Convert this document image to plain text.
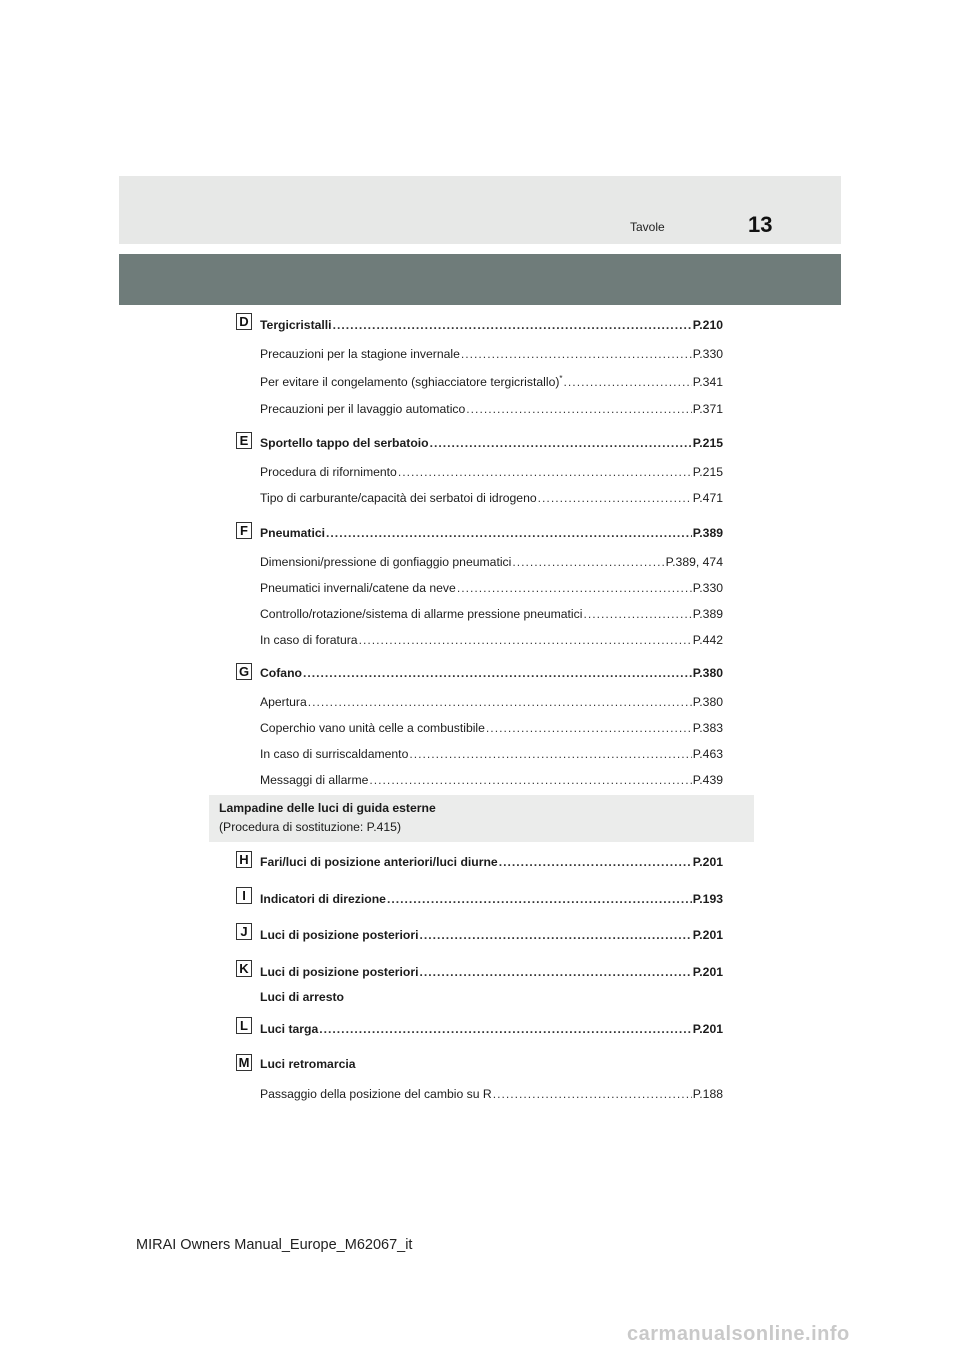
Tavole	13
D Tergicristalli .....	P.210
Precauzioni per la stagione invernale .....	P.330
Per evitare il congelamento (sghiacciatore tergicristallo)* .....	P.341
Precauzioni per il lavaggio automatico .....	P.371
E Sportello tappo del serbatoio .....	P.215
Procedura di rifornimento .....	P.215
Tipo di carburante/capacità dei serbatoi di idrogeno .....	P.471
F Pneumatici .....	P.389
Dimensioni/pressione di gonfiaggio pneumatici .....	P.389, 474
Pneumatici invernali/catene da neve .....	P.330
Controllo/rotazione/sistema di allarme pressione pneumatici .....	P.389
In caso di foratura .....	P.442
G Cofano .....	P.380
Apertura .....	P.380
Coperchio vano unità celle a combustibile .....	P.383
In caso di surriscaldamento .....	P.463
Messaggi di allarme .....	P.439
Lampadine delle luci di guida esterne
(Procedura di sostituzione: P.415)
H Fari/luci di posizione anteriori/luci diurne .....	P.201
I	Indicatori di direzione .....	P.193
J	Luci di posizione posteriori .....	P.201
K Luci di posizione posteriori .....	P.201
Luci di arresto
L Luci targa .....	P.201
M Luci retromarcia
Passaggio della posizione del cambio su R .....	P.188
MIRAI Owners Manual_Europe_M62067_it
carmanualsonline.info
